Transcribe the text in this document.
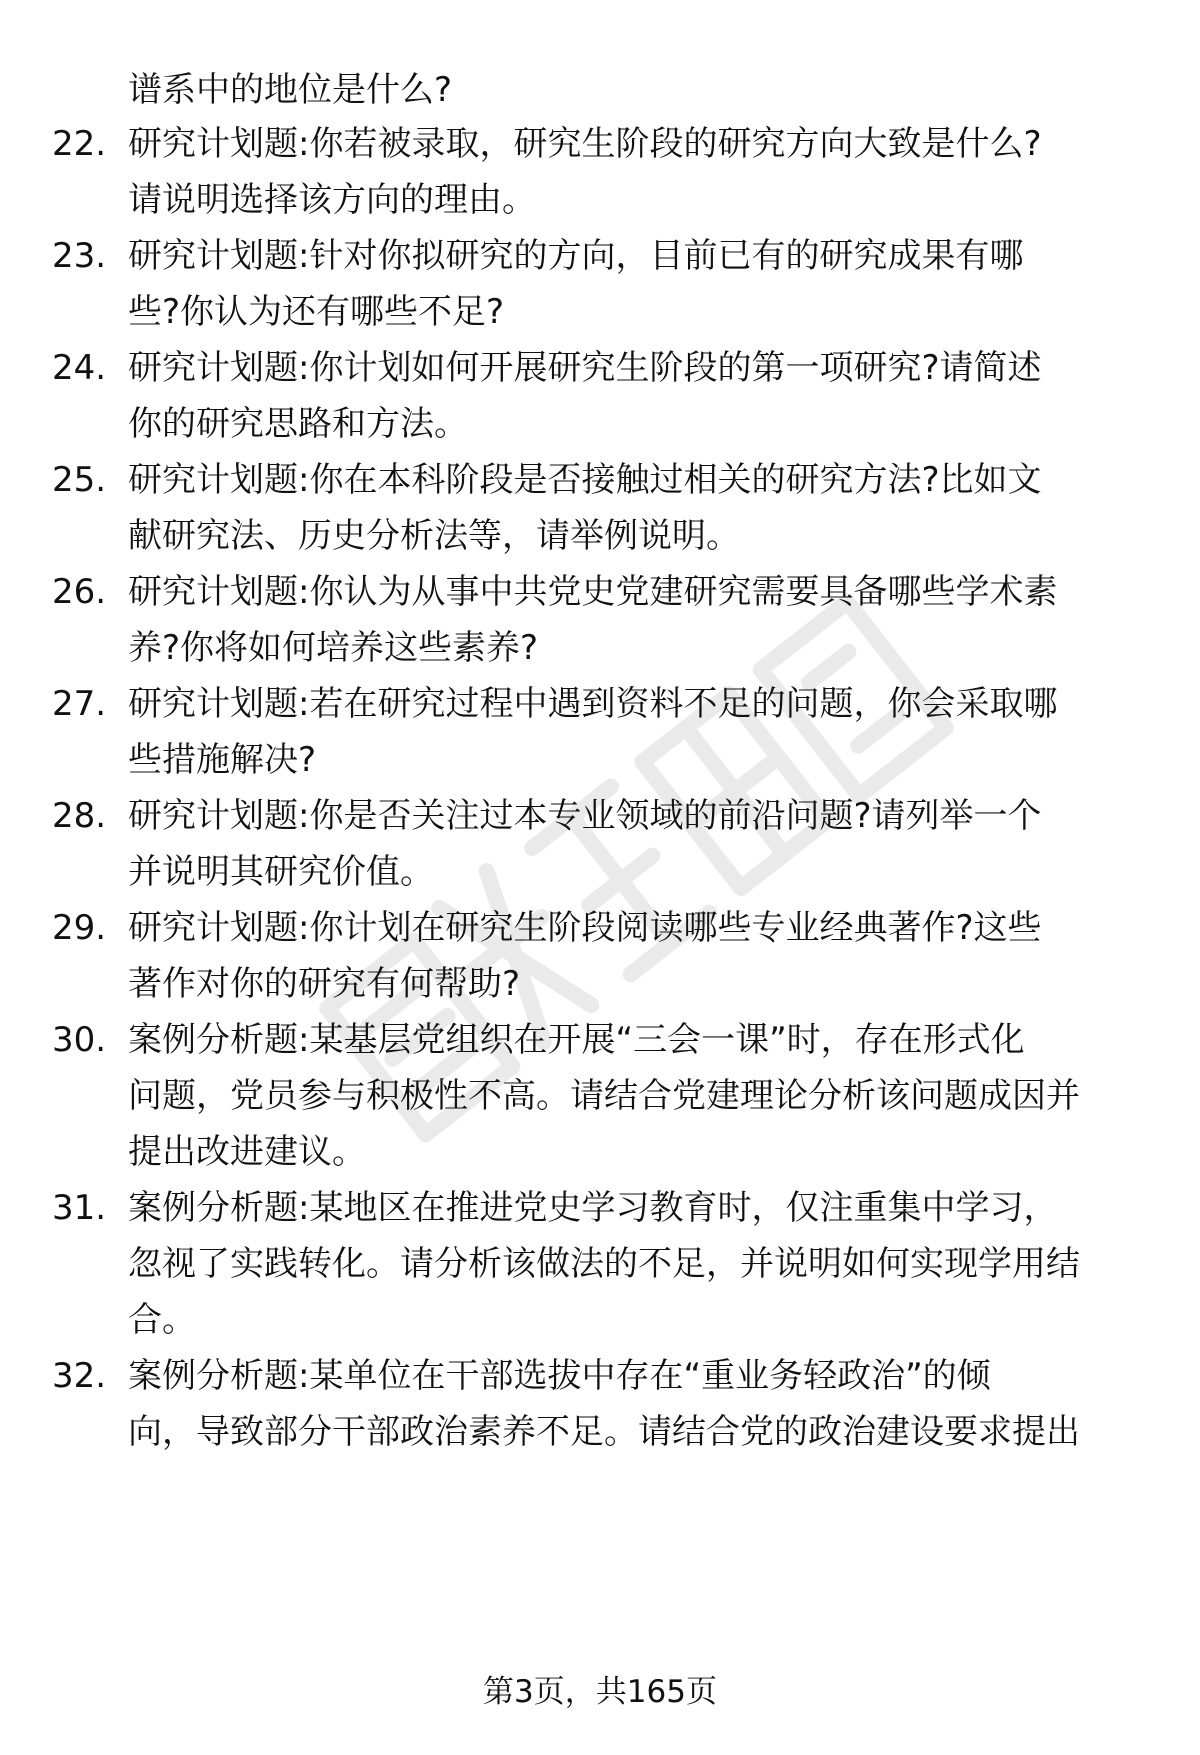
谱系中的地位是什么?
22. 研究计划题:你若被录取，研究生阶段的研究方向大致是什么?
请说明选择该方向的理由。
23. 研究计划题:针对你拟研究的方向，目前已有的研究成果有哪
些?你认为还有哪些不足?
24. 研究计划题:你计划如何开展研究生阶段的第一项研究?请简述
你的研究思路和方法。
25. 研究计划题:你在本科阶段是否接触过相关的研究方法?比如文
献研究法、历史分析法等，请举例说明。
26. 研究计划题:你认为从事中共党史党建研究需要具备哪些学术素
养?你将如何培养这些素养?
27. 研究计划题:若在研究过程中遇到资料不足的问题，你会采取哪
些措施解决?
28. 研究计划题:你是否关注过本专业领域的前沿问题?请列举一个
并说明其研究价值。
29. 研究计划题:你计划在研究生阶段阅读哪些专业经典著作?这些
著作对你的研究有何帮助?
30. 案例分析题:某基层党组织在开展“三会一课”时，存在形式化
问题，党员参与积极性不高。请结合党建理论分析该问题成因并
提出改进建议。
31. 案例分析题:某地区在推进党史学习教育时，仅注重集中学习，
忽视了实践转化。请分析该做法的不足，并说明如何实现学用结
合。
32. 案例分析题:某单位在干部选拔中存在“重业务轻政治”的倾
向，导致部分干部政治素养不足。请结合党的政治建设要求提出
第3页，共165页
